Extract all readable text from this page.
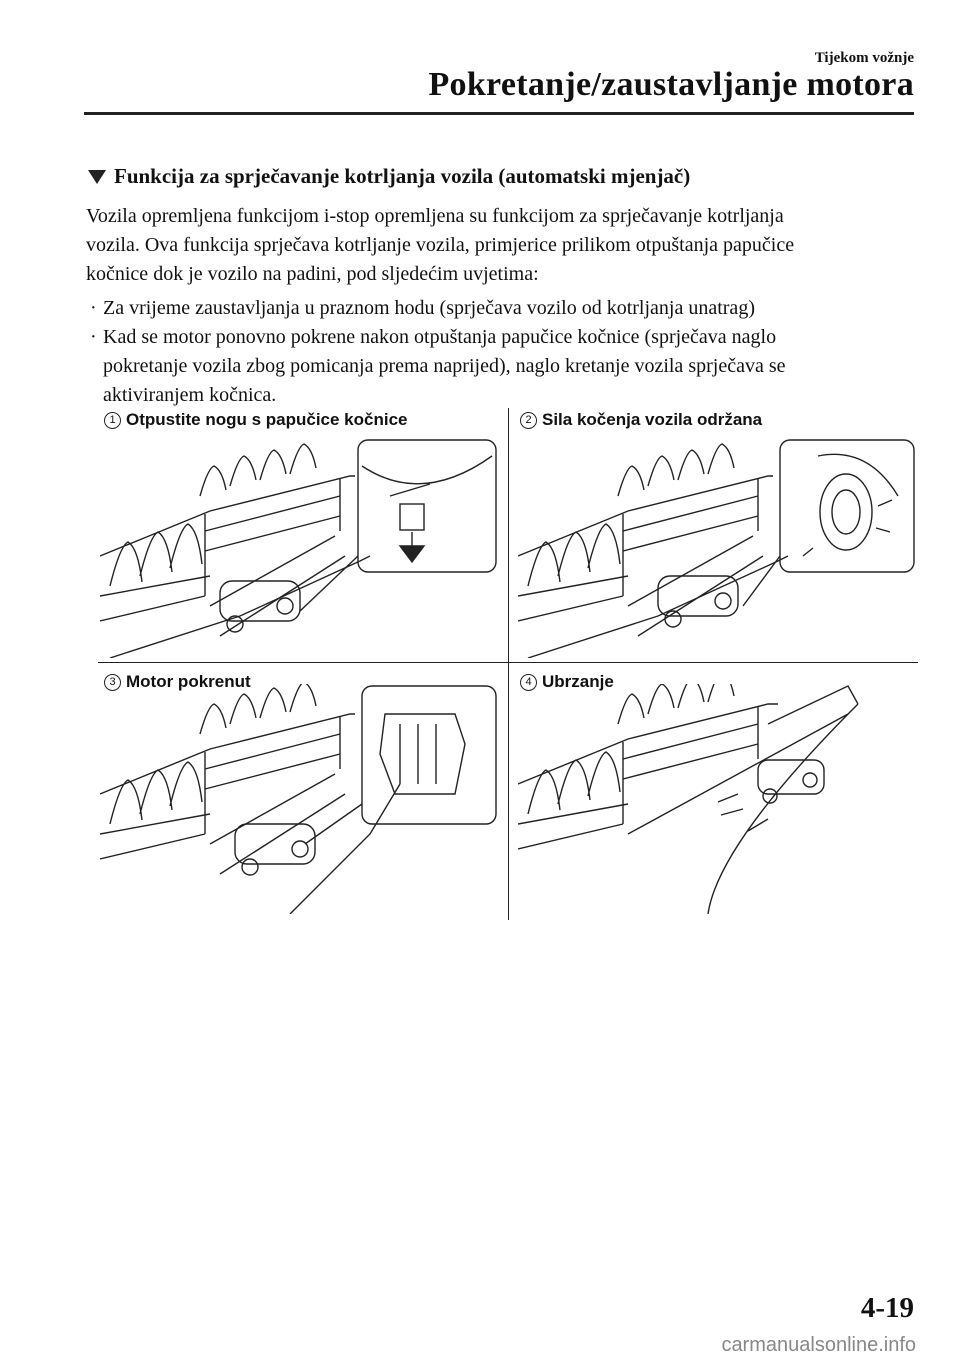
Tijekom vožnje
Pokretanje/zaustavljanje motora
Funkcija za sprječavanje kotrljanja vozila (automatski mjenjač)
Vozila opremljena funkcijom i-stop opremljena su funkcijom za sprječavanje kotrljanja
vozila. Ova funkcija sprječava kotrljanje vozila, primjerice prilikom otpuštanja papučice
kočnice dok je vozilo na padini, pod sljedećim uvjetima:
· Za vrijeme zaustavljanja u praznom hodu (sprječava vozilo od kotrljanja unatrag)
· Kad se motor ponovno pokrene nakon otpuštanja papučice kočnice (sprječava naglo
pokretanje vozila zbog pomicanja prema naprijed), naglo kretanje vozila sprječava se
aktiviranjem kočnica.
1 Otpustite nogu s papučice kočnice	2 Sila kočenja vozila održana
3 Motor pokrenut	4 Ubrzanje
4-19
carmanualsonline.info
